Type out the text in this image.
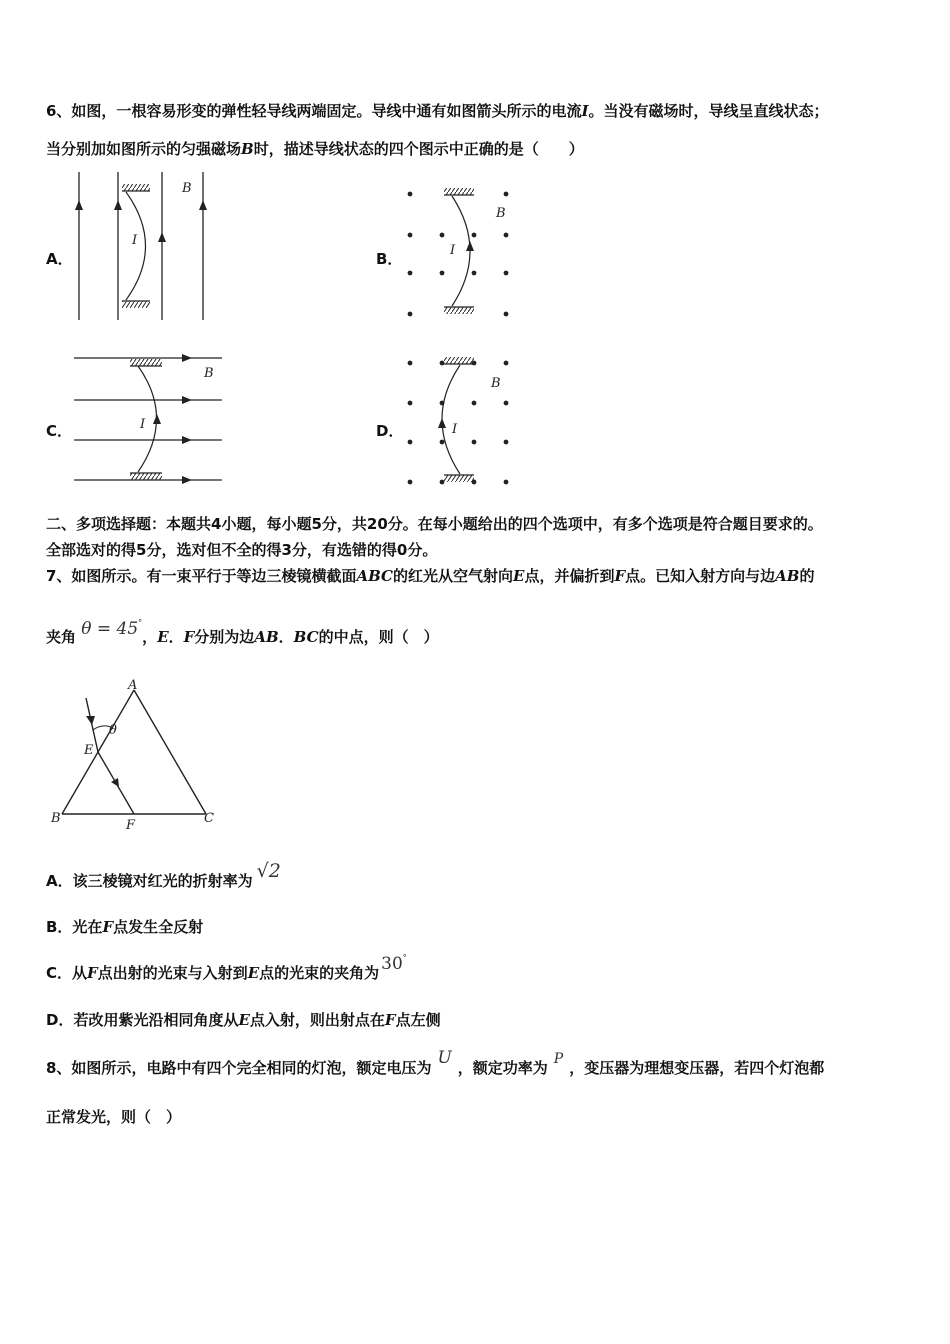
6、如图，一根容易形变的弹性轻导线两端固定。导线中通有如图箭头所示的电流I。当没有磁场时，导线呈直线状态；
当分别加如图所示的匀强磁场B时，描述导线状态的四个图示中正确的是（　　）
A．	B．
C．	D．
I
B
I
B
I
B
I
B
二、多项选择题：本题共4小题，每小题5分，共20分。在每小题给出的四个选项中，有多个选项是符合题目要求的。
全部选对的得5分，选对但不全的得3分，有选错的得0分。
7、如图所示。有一束平行于等边三棱镜横截面ABC的红光从空气射向E点，并偏折到F点。已知入射方向与边AB的
夹角 θ = 45°，E．F分别为边AB．BC的中点，则（　）
A
B	C
E
F
θ
A．该三棱镜对红光的折射率为 √2
B．光在F点发生全反射
C．从F点出射的光束与入射到E点的光束的夹角为 30°
D．若改用紫光沿相同角度从E点入射，则出射点在F点左侧
8、如图所示，电路中有四个完全相同的灯泡，额定电压为 U ，额定功率为 P ，变压器为理想变压器，若四个灯泡都
正常发光，则（　）
